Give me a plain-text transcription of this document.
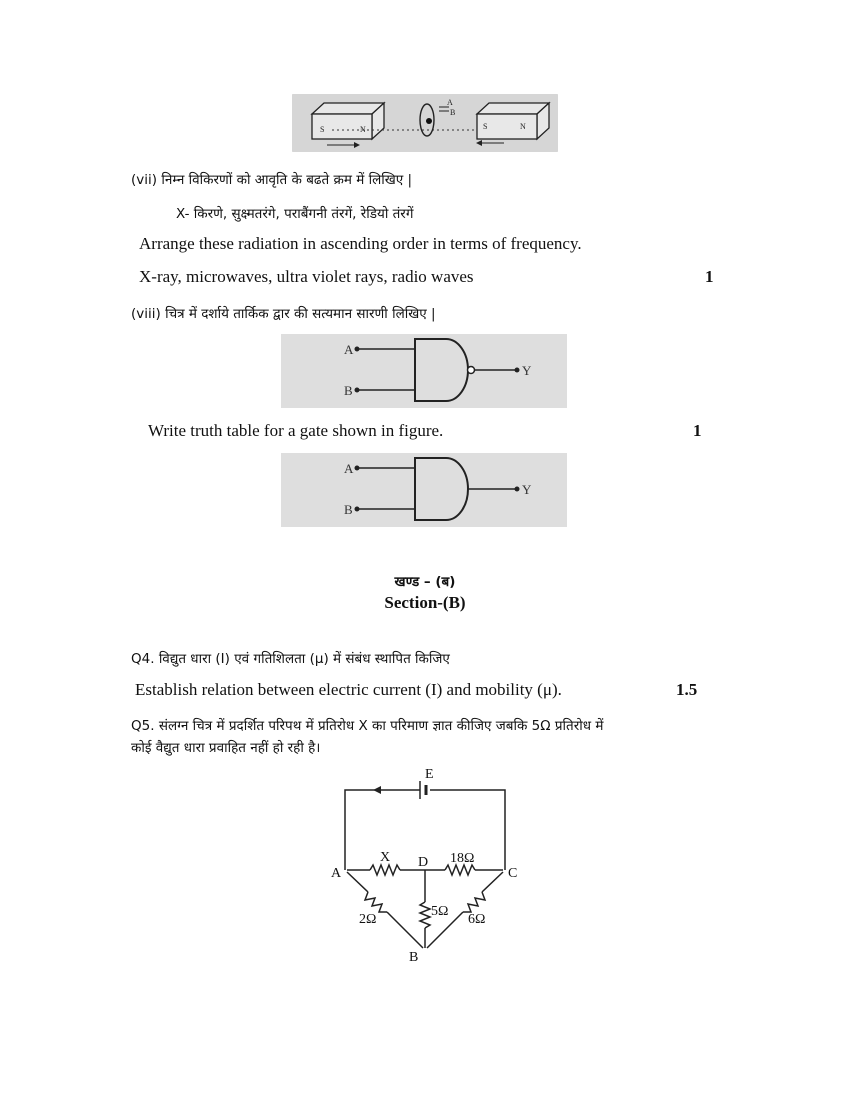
S	N
A
B
S	N
(vii) निम्न विकिरणों को आवृति के बढते क्रम में लिखिए |
X- किरणे, सुक्ष्मतरंगे, पराबैंगनी तंरगें, रेडियो तंरगें
Arrange these radiation in ascending order in terms of frequency.
X-ray, microwaves, ultra violet rays, radio waves	1
(viii) चित्र में दर्शाये तार्किक द्वार की सत्यमान सारणी लिखिए |
A
B
Y
Write truth table for a gate shown in figure.	1
A
B
Y
खण्ड – (ब)
Section-(B)
Q4. विद्युत धारा (I) एवं गतिशिलता (μ) में संबंध स्थापित किजिए
Establish relation between electric current (I) and mobility (μ).	1.5
Q5. संलग्न चित्र में प्रदर्शित परिपथ में प्रतिरोध X का परिमाण ज्ञात कीजिए जबकि 5Ω प्रतिरोध में
कोई वैद्युत धारा प्रवाहित नहीं हो रही है।
E
A	C
D
B
X	18Ω
2Ω
5Ω
6Ω
